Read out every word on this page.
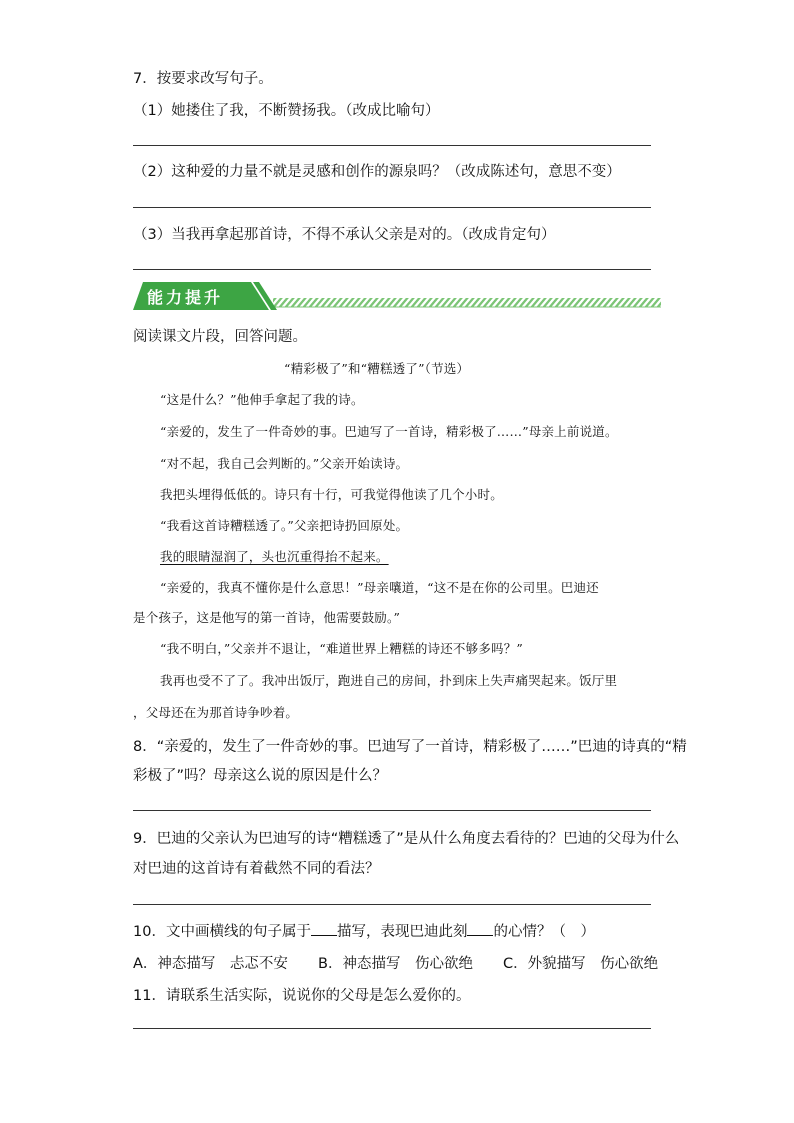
7．按要求改写句子。
（1）她搂住了我，不断赞扬我。（改成比喻句）
（2）这种爱的力量不就是灵感和创作的源泉吗？（改成陈述句，意思不变）
（3）当我再拿起那首诗，不得不承认父亲是对的。（改成肯定句）
能力提升
阅读课文片段，回答问题。
“精彩极了”和“糟糕透了”（节选）
“这是什么？”他伸手拿起了我的诗。
“亲爱的，发生了一件奇妙的事。巴迪写了一首诗，精彩极了……”母亲上前说道。
“对不起，我自己会判断的。”父亲开始读诗。
我把头埋得低低的。诗只有十行，可我觉得他读了几个小时。
“我看这首诗糟糕透了。”父亲把诗扔回原处。
我的眼睛湿润了，头也沉重得抬不起来。
“亲爱的，我真不懂你是什么意思！”母亲嚷道，“这不是在你的公司里。巴迪还
是个孩子，这是他写的第一首诗，他需要鼓励。”
“我不明白，”父亲并不退让，“难道世界上糟糕的诗还不够多吗？”
我再也受不了了。我冲出饭厅，跑进自己的房间，扑到床上失声痛哭起来。饭厅里
，父母还在为那首诗争吵着。
8．“亲爱的，发生了一件奇妙的事。巴迪写了一首诗，精彩极了……”巴迪的诗真的“精
彩极了”吗？母亲这么说的原因是什么？
9．巴迪的父亲认为巴迪写的诗“糟糕透了”是从什么角度去看待的？巴迪的父母为什么
对巴迪的这首诗有着截然不同的看法？
10．文中画横线的句子属于 描写，表现巴迪此刻 的心情？（　）
A．神态描写　忐忑不安 B．神态描写　伤心欲绝 C．外貌描写　伤心欲绝
11．请联系生活实际，说说你的父母是怎么爱你的。
